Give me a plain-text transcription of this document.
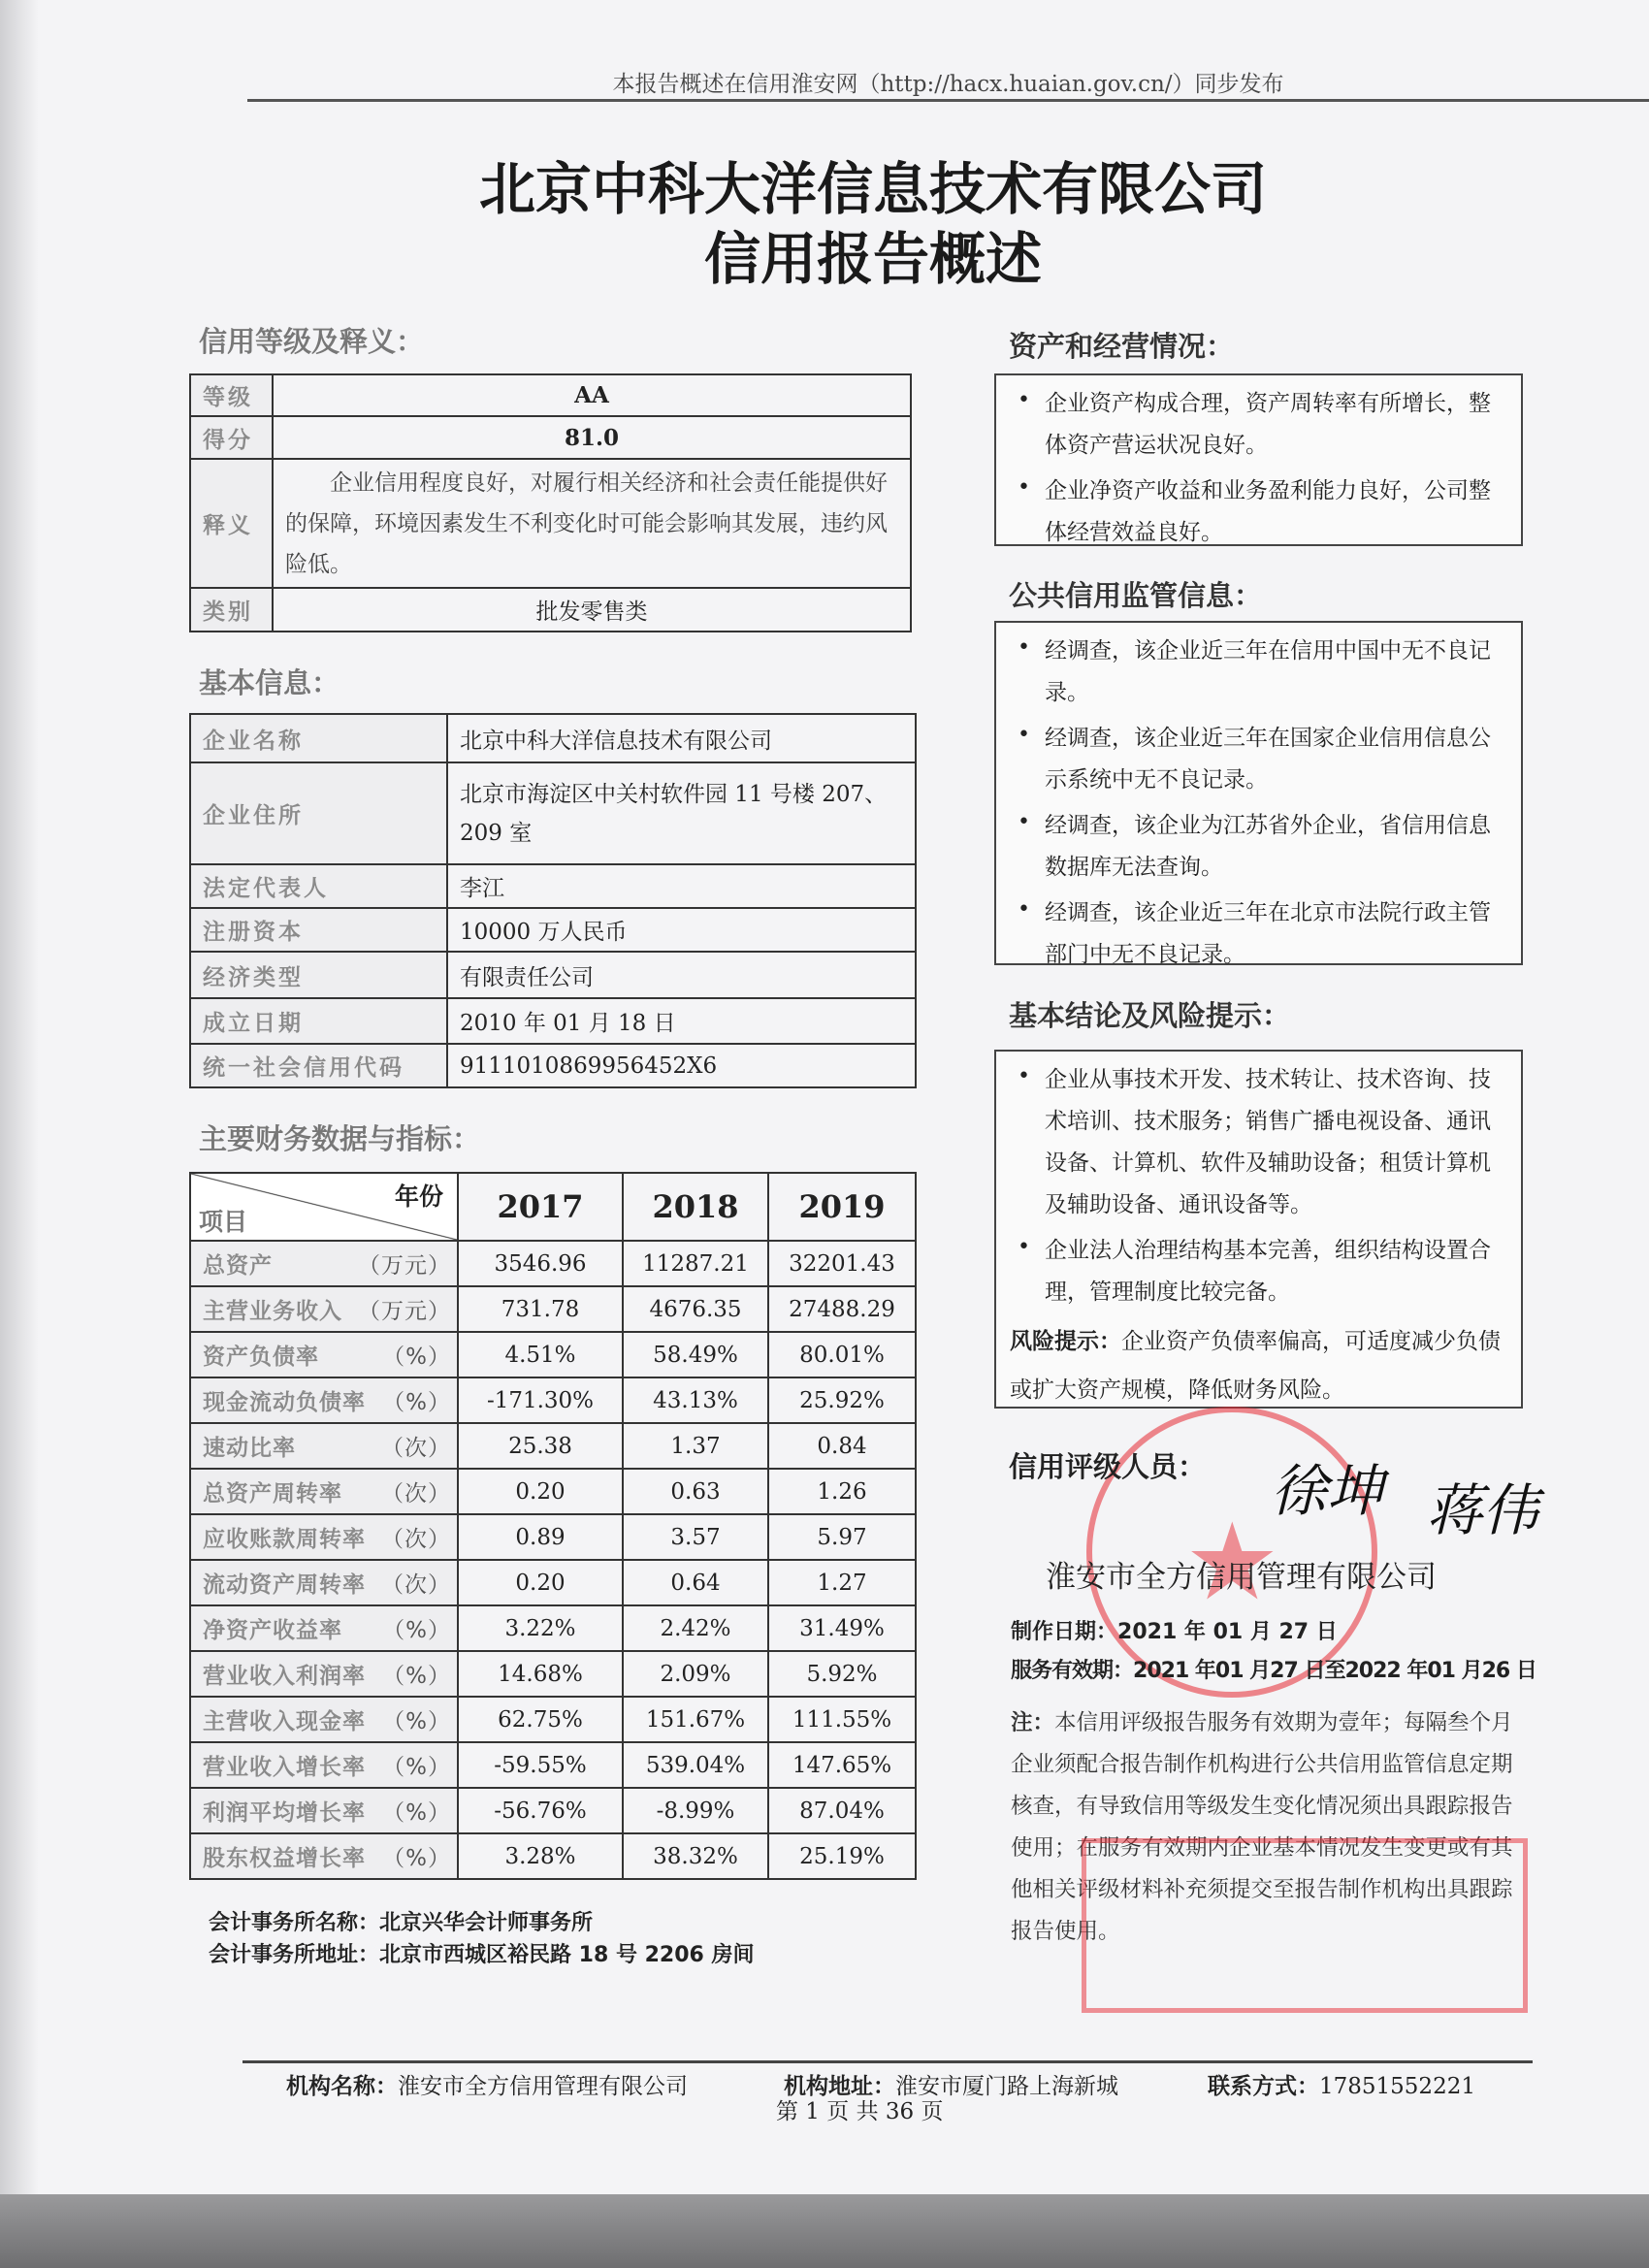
本报告概述在信用淮安网（http://hacx.huaian.gov.cn/）同步发布
北京中科大洋信息技术有限公司
信用报告概述
信用等级及释义：
等级	AA
得分	81.0
释义	企业信用程度良好，对履行相关经济和社会责任能提供好的保障，环境因素发生不利变化时可能会影响其发展，违约风险低。
类别	批发零售类
基本信息：
企业名称	北京中科大洋信息技术有限公司
企业住所	北京市海淀区中关村软件园 11 号楼 207、209 室
法定代表人	李江
注册资本	10000 万人民币
经济类型	有限责任公司
成立日期	2010 年 01 月 18 日
统一社会信用代码	9111010869956452X6
主要财务数据与指标：
年份
项目	2017	2018	2019
总资产 （万元）	3546.96	11287.21	32201.43
主营业务收入 （万元）	731.78	4676.35	27488.29
资产负债率 （%）	4.51%	58.49%	80.01%
现金流动负债率 （%）	-171.30%	43.13%	25.92%
速动比率 （次）	25.38	1.37	0.84
总资产周转率 （次）	0.20	0.63	1.26
应收账款周转率 （次）	0.89	3.57	5.97
流动资产周转率 （次）	0.20	0.64	1.27
净资产收益率 （%）	3.22%	2.42%	31.49%
营业收入利润率 （%）	14.68%	2.09%	5.92%
主营收入现金率 （%）	62.75%	151.67%	111.55%
营业收入增长率 （%）	-59.55%	539.04%	147.65%
利润平均增长率 （%）	-56.76%	-8.99%	87.04%
股东权益增长率 （%）	3.28%	38.32%	25.19%
会计事务所名称：北京兴华会计师事务所
会计事务所地址：北京市西城区裕民路 18 号 2206 房间
资产和经营情况：
• 企业资产构成合理，资产周转率有所增长，整体资产营运状况良好。
• 企业净资产收益和业务盈利能力良好，公司整体经营效益良好。
公共信用监管信息：
• 经调查，该企业近三年在信用中国中无不良记录。
• 经调查，该企业近三年在国家企业信用信息公示系统中无不良记录。
• 经调查，该企业为江苏省外企业，省信用信息数据库无法查询。
• 经调查，该企业近三年在北京市法院行政主管部门中无不良记录。
基本结论及风险提示：
• 企业从事技术开发、技术转让、技术咨询、技术培训、技术服务；销售广播电视设备、通讯设备、计算机、软件及辅助设备；租赁计算机及辅助设备、通讯设备等。
• 企业法人治理结构基本完善，组织结构设置合理，管理制度比较完备。
风险提示：企业资产负债率偏高，可适度减少负债或扩大资产规模，降低财务风险。
★
信用评级人员： 徐坤 蒋伟
淮安市全方信用管理有限公司
制作日期：2021 年 01 月 27 日
服务有效期：2021 年01 月27 日至2022 年01 月26 日
注：本信用评级报告服务有效期为壹年；每隔叁个月企业须配合报告制作机构进行公共信用监管信息定期核查，有导致信用等级发生变化情况须出具跟踪报告使用；在服务有效期内企业基本情况发生变更或有其他相关评级材料补充须提交至报告制作机构出具跟踪报告使用。
机构名称：淮安市全方信用管理有限公司	机构地址：淮安市厦门路上海新城	联系方式：17851552221
第 1 页 共 36 页
